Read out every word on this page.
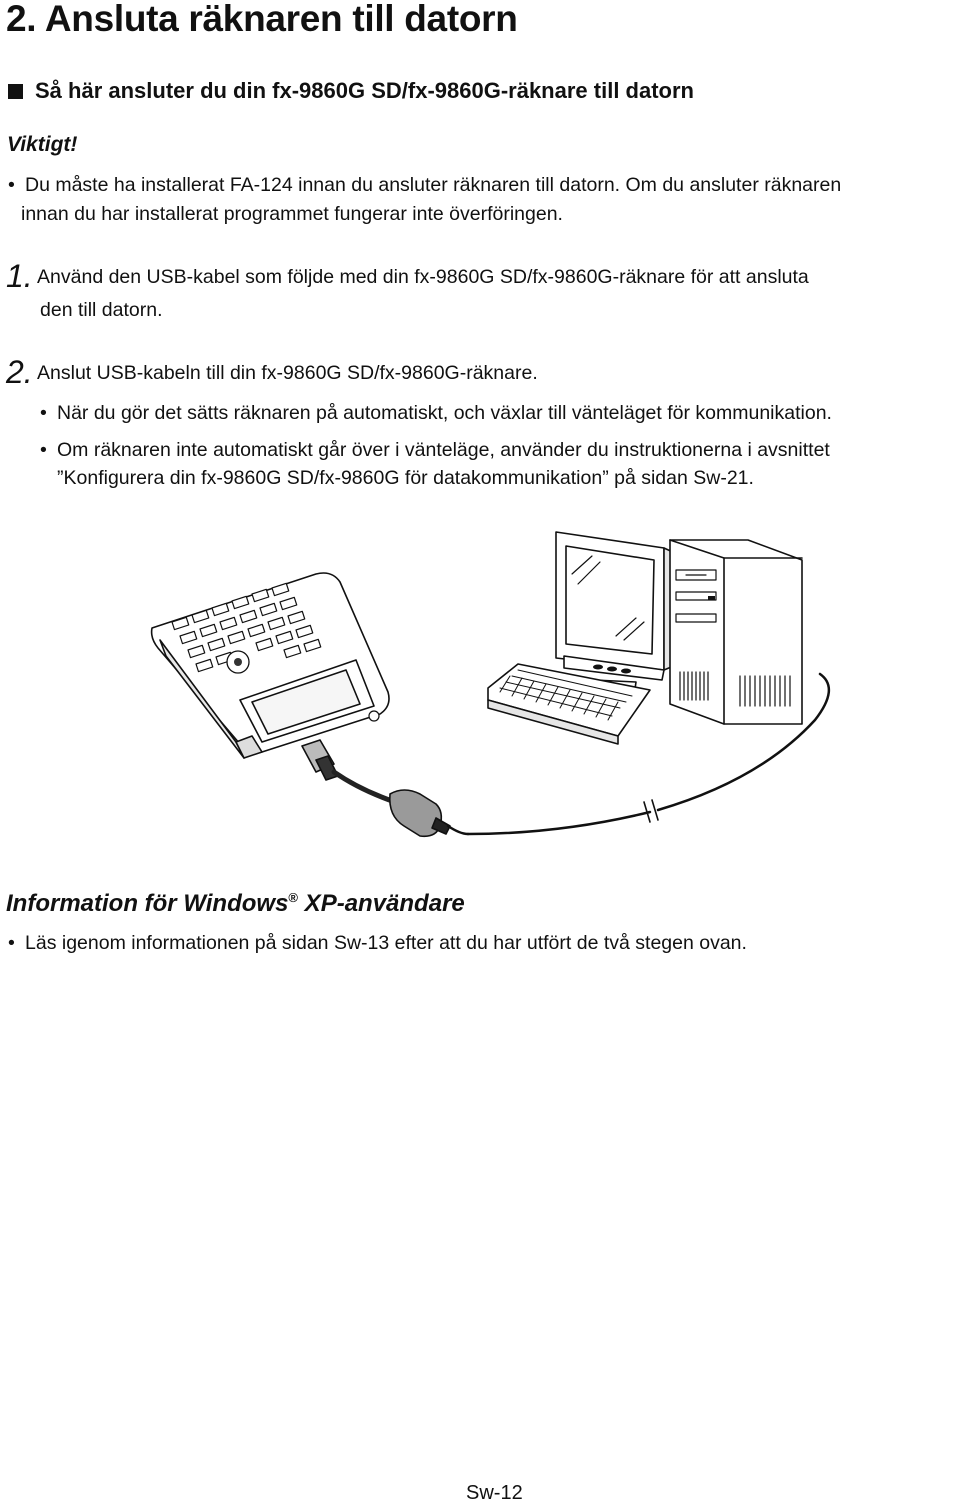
2. Ansluta räknaren till datorn
Så här ansluter du din fx-9860G SD/fx-9860G-räknare till datorn
Viktigt!
• Du måste ha installerat FA-124 innan du ansluter räknaren till datorn. Om du ansluter räknaren
innan du har installerat programmet fungerar inte överföringen.
1. Använd den USB-kabel som följde med din fx-9860G SD/fx-9860G-räknare för att ansluta
den till datorn.
2. Anslut USB-kabeln till din fx-9860G SD/fx-9860G-räknare.
• När du gör det sätts räknaren på automatiskt, och växlar till vänteläget för kommunikation.
• Om räknaren inte automatiskt går över i vänteläge, använder du instruktionerna i avsnittet
”Konfigurera din fx-9860G SD/fx-9860G för datakommunikation” på sidan Sw-21.
Information för Windows® XP-användare
• Läs igenom informationen på sidan Sw-13 efter att du har utfört de två stegen ovan.
Sw-12
